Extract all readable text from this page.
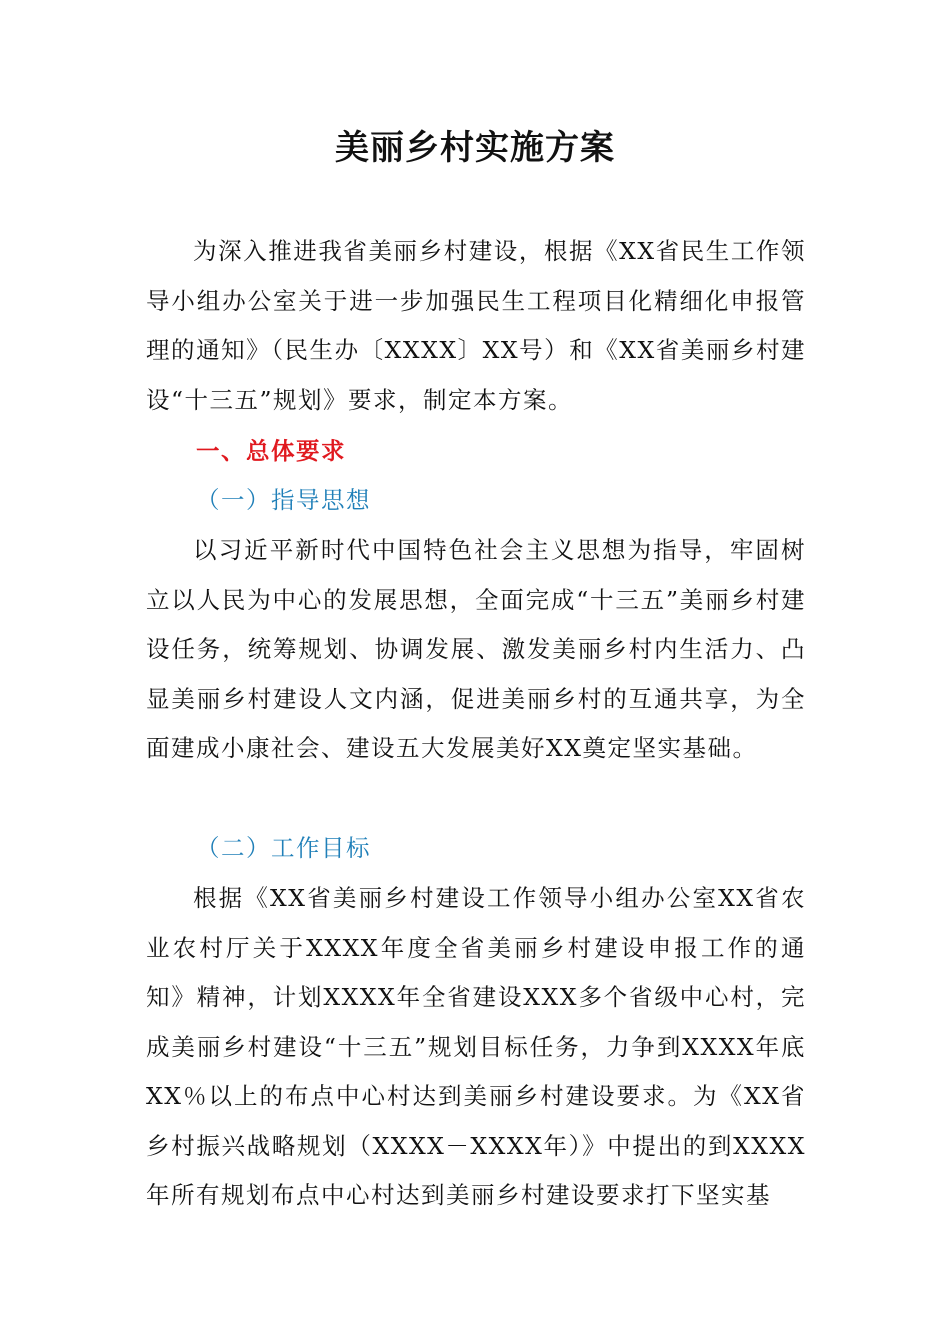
美丽乡村实施方案

为深入推进我省美丽乡村建设，根据《XX省民生工作领导小组办公室关于进一步加强民生工程项目化精细化申报管理的通知》（民生办〔XXXX〕XX号）和《XX省美丽乡村建设“十三五”规划》要求，制定本方案。

一、总体要求
（一）指导思想

以习近平新时代中国特色社会主义思想为指导，牢固树立以人民为中心的发展思想，全面完成“十三五”美丽乡村建设任务，统筹规划、协调发展、激发美丽乡村内生活力、凸显美丽乡村建设人文内涵，促进美丽乡村的互通共享，为全面建成小康社会、建设五大发展美好XX奠定坚实基础。

（二）工作目标

根据《XX省美丽乡村建设工作领导小组办公室XX省农业农村厅关于XXXX年度全省美丽乡村建设申报工作的通知》精神，计划XXXX年全省建设XXX多个省级中心村，完成美丽乡村建设“十三五”规划目标任务，力争到XXXX年底XX％以上的布点中心村达到美丽乡村建设要求。为《XX省乡村振兴战略规划（XXXX－XXXX年）》中提出的到XXXX年所有规划布点中心村达到美丽乡村建设要求打下坚实基
